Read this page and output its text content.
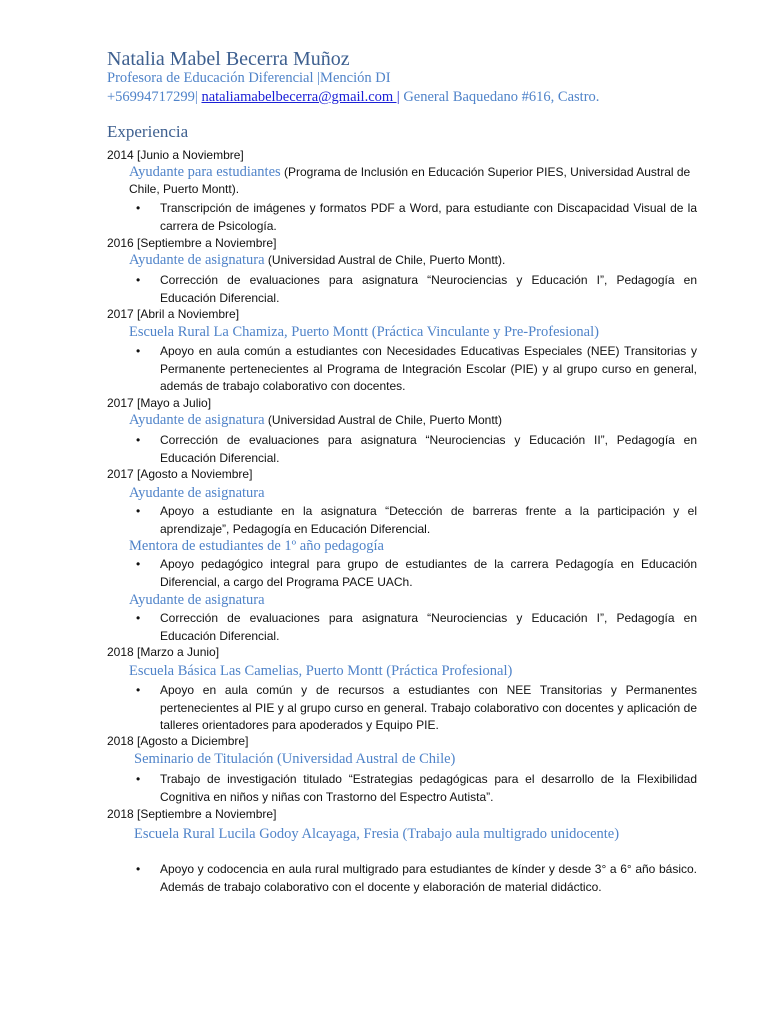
Natalia Mabel Becerra Muñoz
Profesora de Educación Diferencial |Mención DI
+56994717299| nataliamabelbecerra@gmail.com | General Baquedano #616, Castro.
Experiencia
2014 [Junio a Noviembre]
Ayudante para estudiantes (Programa de Inclusión en Educación Superior PIES, Universidad Austral de Chile, Puerto Montt).
• Transcripción de imágenes y formatos PDF a Word, para estudiante con Discapacidad Visual de la carrera de Psicología.
2016 [Septiembre a Noviembre]
Ayudante de asignatura (Universidad Austral de Chile, Puerto Montt).
• Corrección de evaluaciones para asignatura “Neurociencias y Educación I”, Pedagogía en Educación Diferencial.
2017 [Abril a Noviembre]
Escuela Rural La Chamiza, Puerto Montt (Práctica Vinculante y Pre-Profesional)
• Apoyo en aula común a estudiantes con Necesidades Educativas Especiales (NEE) Transitorias y Permanente pertenecientes al Programa de Integración Escolar (PIE) y al grupo curso en general, además de trabajo colaborativo con docentes.
2017 [Mayo a Julio]
Ayudante de asignatura (Universidad Austral de Chile, Puerto Montt)
• Corrección de evaluaciones para asignatura “Neurociencias y Educación II”, Pedagogía en Educación Diferencial.
2017 [Agosto a Noviembre]
Ayudante de asignatura
• Apoyo a estudiante en la asignatura “Detección de barreras frente a la participación y el aprendizaje”, Pedagogía en Educación Diferencial.
Mentora de estudiantes de 1º año pedagogía
• Apoyo pedagógico integral para grupo de estudiantes de la carrera Pedagogía en Educación Diferencial, a cargo del Programa PACE UACh.
Ayudante de asignatura
• Corrección de evaluaciones para asignatura “Neurociencias y Educación I”, Pedagogía en Educación Diferencial.
2018 [Marzo a Junio]
Escuela Básica Las Camelias, Puerto Montt (Práctica Profesional)
• Apoyo en aula común y de recursos a estudiantes con NEE Transitorias y Permanentes pertenecientes al PIE y al grupo curso en general. Trabajo colaborativo con docentes y aplicación de talleres orientadores para apoderados y Equipo PIE.
2018 [Agosto a Diciembre]
Seminario de Titulación (Universidad Austral de Chile)
• Trabajo de investigación titulado “Estrategias pedagógicas para el desarrollo de la Flexibilidad Cognitiva en niños y niñas con Trastorno del Espectro Autista”.
2018 [Septiembre a Noviembre]
Escuela Rural Lucila Godoy Alcayaga, Fresia (Trabajo aula multigrado unidocente)
• Apoyo y codocencia en aula rural multigrado para estudiantes de kínder y desde 3° a 6° año básico. Además de trabajo colaborativo con el docente y elaboración de material didáctico.
